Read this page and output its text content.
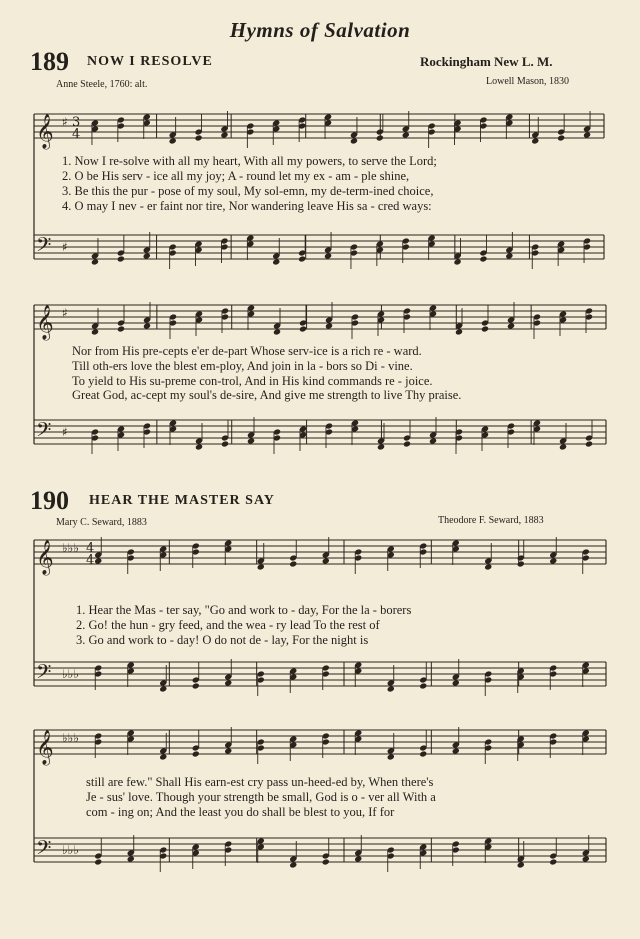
Hymns of Salvation
189 NOW I RESOLVE	Rockingham New L. M.
Anne Steele, 1760: alt.	Lowell Mason, 1830
1. Now I re-solve with all my heart, With all my powers, to serve the Lord;
2. O be His serv - ice all my joy; A - round let my ex - am - ple shine,
3. Be this the pur - pose of my soul, My sol-emn, my de-term-ined choice,
4. O may I nev - er faint nor tire, Nor wandering leave His sa - cred ways:
Nor from His pre-cepts e'er de-part Whose serv-ice is a rich re - ward.
Till oth-ers love the blest em-ploy, And join in la - bors so Di - vine.
To yield to His su-preme con-trol, And in His kind commands re - joice.
Great God, ac-cept my soul's de-sire, And give me strength to live Thy praise.
190 HEAR THE MASTER SAY
Mary C. Seward, 1883	Theodore F. Seward, 1883
1. Hear the Mas - ter say, "Go and work to - day, For the la - borers
2. Go! the hun - gry feed, and the wea - ry lead To the rest of
3. Go and work to - day! O do not de - lay, For the night is
still are few." Shall His earn-est cry pass un-heed-ed by, When there's
Je - sus' love. Though your strength be small, God is o - ver all With a
com - ing on; And the least you do shall be blest to you, If for
𝄞
𝄢
♯
♯
3
4
𝄞
𝄢
♯
♯
𝄞
𝄢
♭♭♭
♭♭♭
4
4
𝄞
𝄢
♭♭♭
♭♭♭
